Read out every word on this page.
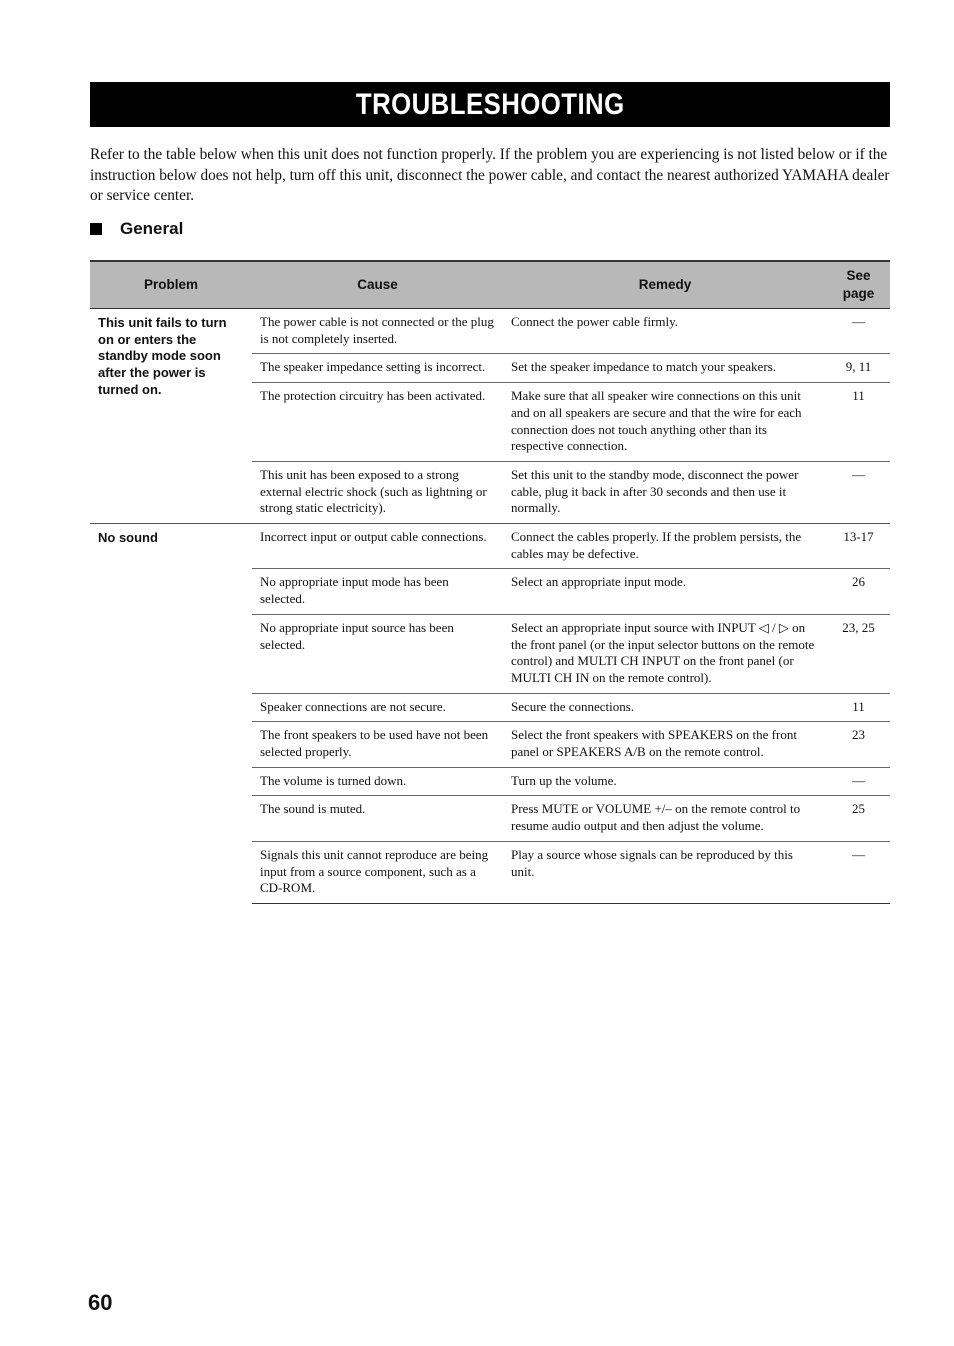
TROUBLESHOOTING

Refer to the table below when this unit does not function properly. If the problem you are experiencing is not listed below or if the instruction below does not help, turn off this unit, disconnect the power cable, and contact the nearest authorized YAMAHA dealer or service center.

General
Problem	Cause	Remedy	See
page
This unit fails to turn on or enters the standby mode soon after the power is turned on.	The power cable is not connected or the plug is not completely inserted.	Connect the power cable firmly.	—
	The speaker impedance setting is incorrect.	Set the speaker impedance to match your speakers.	9, 11
	The protection circuitry has been activated.	Make sure that all speaker wire connections on this unit and on all speakers are secure and that the wire for each connection does not touch anything other than its respective connection.	11
	This unit has been exposed to a strong external electric shock (such as lightning or strong static electricity).	Set this unit to the standby mode, disconnect the power cable, plug it back in after 30 seconds and then use it normally.	—
No sound	Incorrect input or output cable connections.	Connect the cables properly. If the problem persists, the cables may be defective.	13-17
	No appropriate input mode has been selected.	Select an appropriate input mode.	26
	No appropriate input source has been selected.	Select an appropriate input source with INPUT ◁ / ▷ on the front panel (or the input selector buttons on the remote control) and MULTI CH INPUT on the front panel (or MULTI CH IN on the remote control).	23, 25
	Speaker connections are not secure.	Secure the connections.	11
	The front speakers to be used have not been selected properly.	Select the front speakers with SPEAKERS on the front panel or SPEAKERS A/B on the remote control.	23
	The volume is turned down.	Turn up the volume.	—
	The sound is muted.	Press MUTE or VOLUME +/– on the remote control to resume audio output and then adjust the volume.	25
	Signals this unit cannot reproduce are being input from a source component, such as a CD-ROM.	Play a source whose signals can be reproduced by this unit.	—
60
